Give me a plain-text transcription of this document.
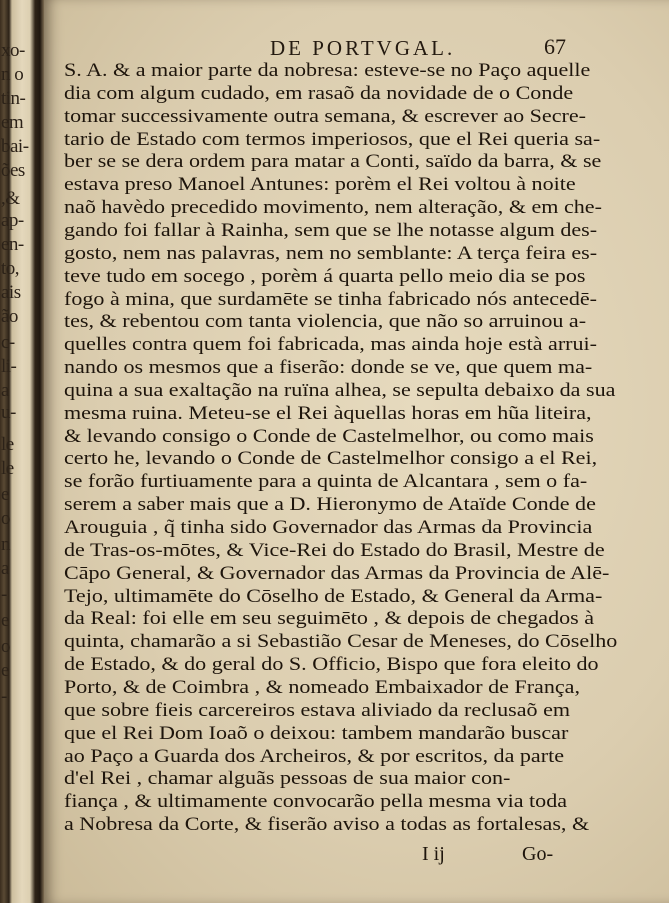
xo-
n o
tin-
em
bai-
ões
,&
ap-
en-
to,
ais
ão
c-
li-
a
u-
le
le
e
o
n
a
-
e
o
e
-
DE PORTVGAL.	67
S. A. & a maior parte da nobresa: esteve-se no Paço aquelle
dia com algum cudado, em rasaõ da novidade de o Conde
tomar successivamente outra semana, & escrever ao Secre-
tario de Estado com termos imperiosos, que el Rei queria sa-
ber se se dera ordem para matar a Conti, saïdo da barra, & se
estava preso Manoel Antunes: porèm el Rei voltou à noite
naõ havèdo precedido movimento, nem alteração, & em che-
gando foi fallar à Rainha, sem que se lhe notasse algum des-
gosto, nem nas palavras, nem no semblante: A terça feira es-
teve tudo em socego , porèm á quarta pello meio dia se pos
fogo à mina, que surdamēte se tinha fabricado nós antecedē-
tes, & rebentou com tanta violencia, que não so arruinou a-
quelles contra quem foi fabricada, mas ainda hoje està arrui-
nando os mesmos que a fiserão: donde se ve, que quem ma-
quina a sua exaltação na ruïna alhea, se sepulta debaixo da sua
mesma ruina. Meteu-se el Rei àquellas horas em hũa liteira,
& levando consigo o Conde de Castelmelhor, ou como mais
certo he, levando o Conde de Castelmelhor consigo a el Rei,
se forão furtiuamente para a quinta de Alcantara , sem o fa-
serem a saber mais que a D. Hieronymo de Ataïde Conde de
Arouguia , q̃ tinha sido Governador das Armas da Provincia
de Tras-os-mōtes, & Vice-Rei do Estado do Brasil, Mestre de
Cāpo General, & Governador das Armas da Provincia de Alē-
Tejo, ultimamēte do Cōselho de Estado, & General da Arma-
da Real: foi elle em seu seguimēto , & depois de chegados à
quinta, chamarão a si Sebastião Cesar de Meneses, do Cōselho
de Estado, & do geral do S. Officio, Bispo que fora eleito do
Porto, & de Coimbra , & nomeado Embaixador de França,
que sobre fieis carcereiros estava aliviado da reclusaõ em
que el Rei Dom Ioaõ o deixou: tambem mandarão buscar
ao Paço a Guarda dos Archeiros, & por escritos, da parte
d'el Rei , chamar alguãs pessoas de sua maior con-
fiança , & ultimamente convocarão pella mesma via toda
a Nobresa da Corte, & fiserão aviso a todas as fortalesas, &
I ij	Go-
